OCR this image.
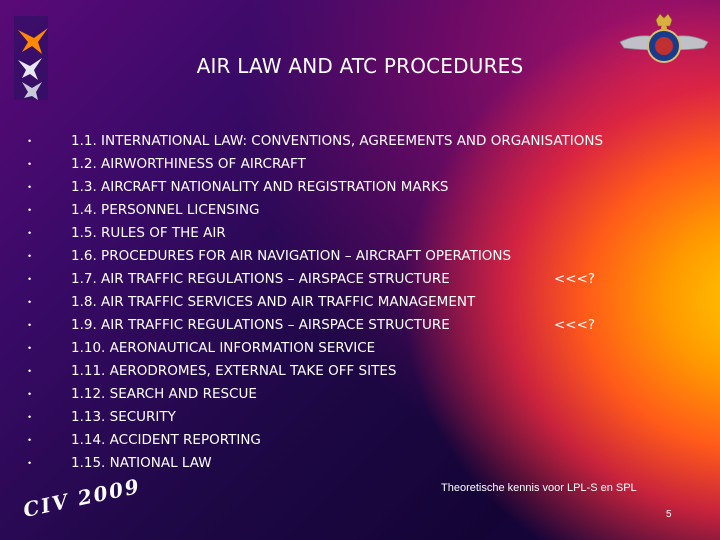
AIR LAW AND ATC PROCEDURES
•	1.1. INTERNATIONAL LAW: CONVENTIONS, AGREEMENTS AND ORGANISATIONS
•	1.2. AIRWORTHINESS OF AIRCRAFT
•	1.3. AIRCRAFT NATIONALITY AND REGISTRATION MARKS
•	1.4. PERSONNEL LICENSING
•	1.5. RULES OF THE AIR
•	1.6. PROCEDURES FOR AIR NAVIGATION – AIRCRAFT OPERATIONS
•	1.7. AIR TRAFFIC REGULATIONS – AIRSPACE STRUCTURE	<<<?
•	1.8. AIR TRAFFIC SERVICES AND AIR TRAFFIC MANAGEMENT
•	1.9. AIR TRAFFIC REGULATIONS – AIRSPACE STRUCTURE	<<<?
•	1.10. AERONAUTICAL INFORMATION SERVICE
•	1.11. AERODROMES, EXTERNAL TAKE OFF SITES
•	1.12. SEARCH AND RESCUE
•	1.13. SECURITY
•	1.14. ACCIDENT REPORTING
•	1.15. NATIONAL LAW
Theoretische kennis voor LPL-S en SPL
5
CIV 2009
